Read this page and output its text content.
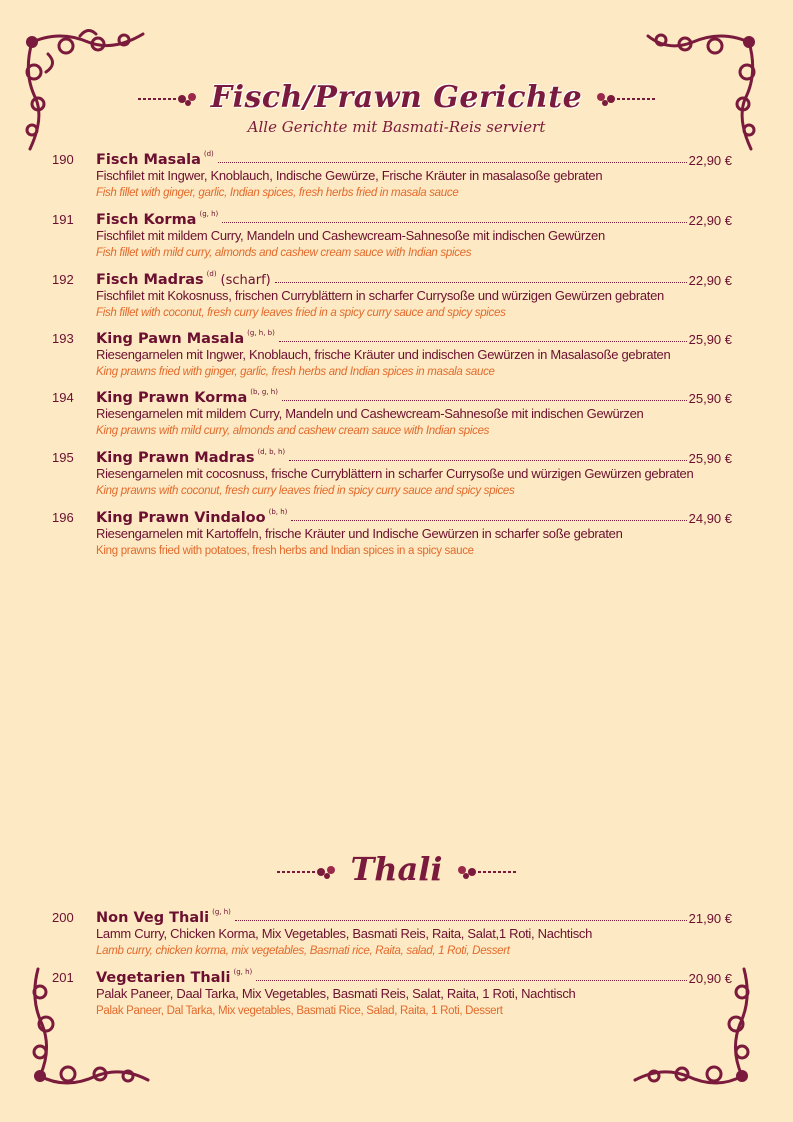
Fisch/Prawn Gerichte
Alle Gerichte mit Basmati-Reis serviert
190 Fisch Masala $^{(d)}$	22,90 €
Fischfilet mit Ingwer, Knoblauch, Indische Gewürze, Frische Kräuter in masalasoße gebraten
Fish fillet with ginger, garlic, Indian spices, fresh herbs fried in masala sauce
191 Fisch Korma $^{(g, h)}$	22,90 €
Fischfilet mit mildem Curry, Mandeln und Cashewcream-Sahnesoße mit indischen Gewürzen
Fish fillet with mild curry, almonds and cashew cream sauce with Indian spices
192 Fisch Madras $^{(d)}$ (scharf)	22,90 €
Fischfilet mit Kokosnuss, frischen Curryblättern in scharfer Currysoße und würzigen Gewürzen gebraten
Fish fillet with coconut, fresh curry leaves fried in a spicy curry sauce and spicy spices
193 King Pawn Masala $^{(g, h, b)}$	25,90 €
Riesengarnelen mit Ingwer, Knoblauch, frische Kräuter und indischen Gewürzen in Masalasoße gebraten
King prawns fried with ginger, garlic, fresh herbs and Indian spices in masala sauce
194 King Prawn Korma $^{(b, g, h)}$	25,90 €
Riesengarnelen mit mildem Curry, Mandeln und Cashewcream-Sahnesoße mit indischen Gewürzen
King prawns with mild curry, almonds and cashew cream sauce with Indian spices
195 King Prawn Madras $^{(d, b, h)}$	25,90 €
Riesengarnelen mit cocosnuss, frische Curryblättern in scharfer Currysoße und würzigen Gewürzen gebraten
King prawns with coconut, fresh curry leaves fried in spicy curry sauce and spicy spices
196 King Prawn Vindaloo $^{(b, h)}$	24,90 €
Riesengarnelen mit Kartoffeln, frische Kräuter und Indische Gewürzen in scharfer soße gebraten
King prawns fried with potatoes, fresh herbs and Indian spices in a spicy sauce
Thali
200 Non Veg Thali $^{(g, h)}$	21,90 €
Lamm Curry, Chicken Korma, Mix Vegetables, Basmati Reis, Raita, Salat,1 Roti, Nachtisch
Lamb curry, chicken korma, mix vegetables, Basmati rice, Raita, salad, 1 Roti, Dessert
201 Vegetarien Thali $^{(g, h)}$	20,90 €
Palak Paneer, Daal Tarka, Mix Vegetables, Basmati Reis, Salat, Raita, 1 Roti, Nachtisch
Palak Paneer, Dal Tarka, Mix vegetables, Basmati Rice, Salad, Raita, 1 Roti, Dessert
